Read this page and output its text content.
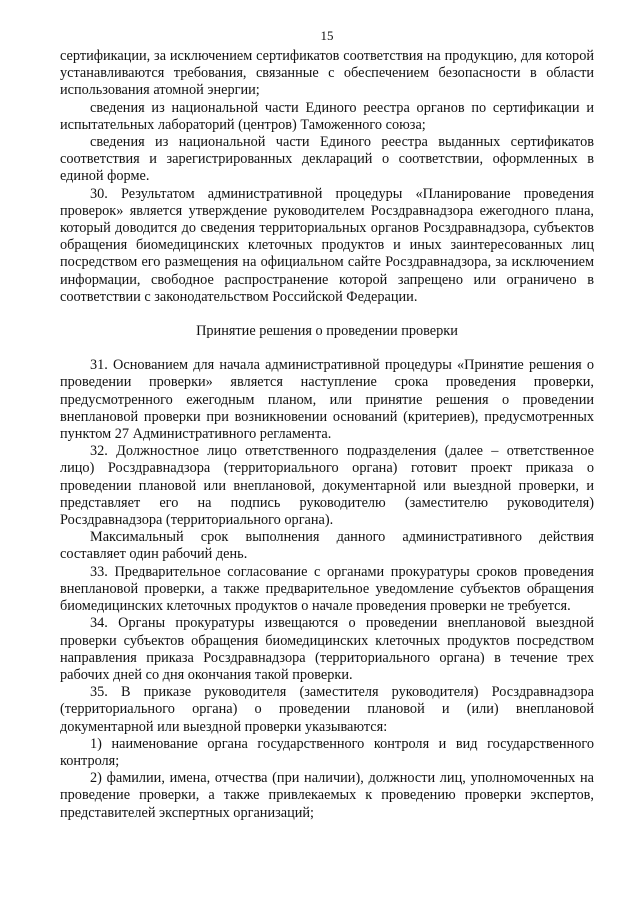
15

сертификации, за исключением сертификатов соответствия на продукцию, для которой устанавливаются требования, связанные с обеспечением безопасности в области использования атомной энергии;

сведения из национальной части Единого реестра органов по сертификации и испытательных лабораторий (центров) Таможенного союза;

сведения из национальной части Единого реестра выданных сертификатов соответствия и зарегистрированных деклараций о соответствии, оформленных в единой форме.

30. Результатом административной процедуры «Планирование проведения проверок» является утверждение руководителем Росздравнадзора ежегодного плана, который доводится до сведения территориальных органов Росздравнадзора, субъектов обращения биомедицинских клеточных продуктов и иных заинтересованных лиц посредством его размещения на официальном сайте Росздравнадзора, за исключением информации, свободное распространение которой запрещено или ограничено в соответствии с законодательством Российской Федерации.

Принятие решения о проведении проверки

31. Основанием для начала административной процедуры «Принятие решения о проведении проверки» является наступление срока проведения проверки, предусмотренного ежегодным планом, или принятие решения о проведении внеплановой проверки при возникновении оснований (критериев), предусмотренных пунктом 27 Административного регламента.

32. Должностное лицо ответственного подразделения (далее – ответственное лицо) Росздравнадзора (территориального органа) готовит проект приказа о проведении плановой или внеплановой, документарной или выездной проверки, и представляет его на подпись руководителю (заместителю руководителя) Росздравнадзора (территориального органа).

Максимальный срок выполнения данного административного действия составляет один рабочий день.

33. Предварительное согласование с органами прокуратуры сроков проведения внеплановой проверки, а также предварительное уведомление субъектов обращения биомедицинских клеточных продуктов о начале проведения проверки не требуется.

34. Органы прокуратуры извещаются о проведении внеплановой выездной проверки субъектов обращения биомедицинских клеточных продуктов посредством направления приказа Росздравнадзора (территориального органа) в течение трех рабочих дней со дня окончания такой проверки.

35. В приказе руководителя (заместителя руководителя) Росздравнадзора (территориального органа) о проведении плановой и (или) внеплановой документарной или выездной проверки указываются:

1) наименование органа государственного контроля и вид государственного контроля;

2) фамилии, имена, отчества (при наличии), должности лиц, уполномоченных на проведение проверки, а также привлекаемых к проведению проверки экспертов, представителей экспертных организаций;
